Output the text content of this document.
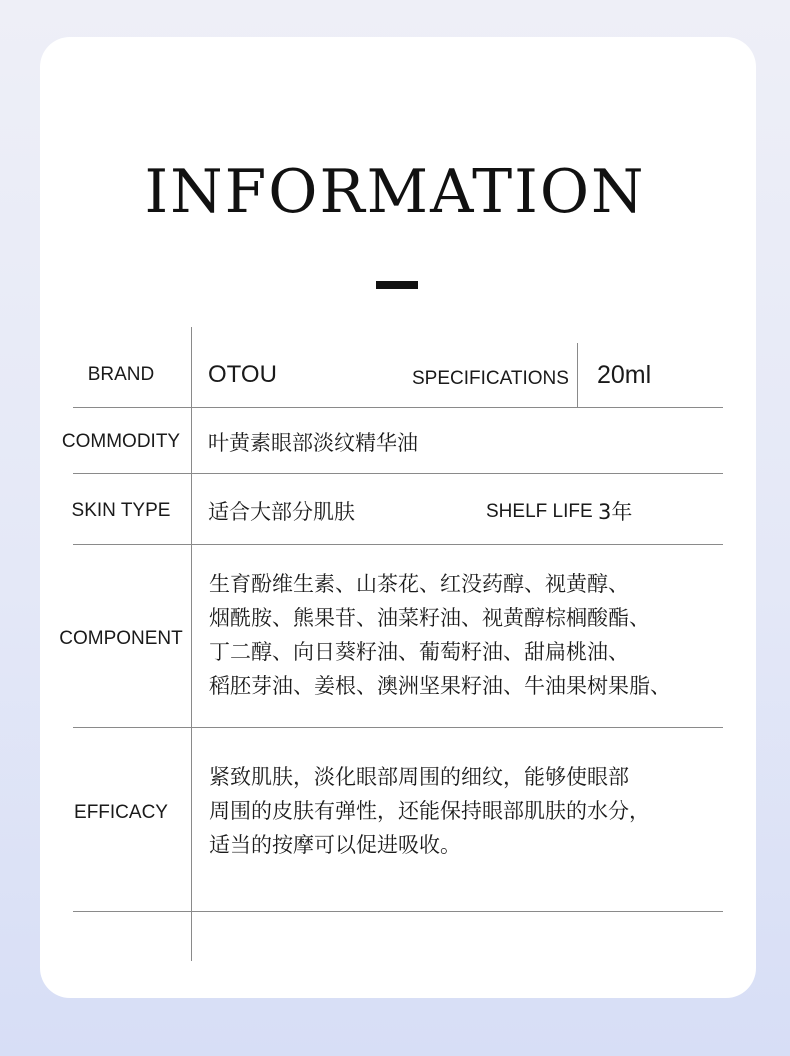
INFORMATION
BRAND	OTOU	SPECIFICATIONS 20ml
COMMODITY 叶黄素眼部淡纹精华油
SKIN TYPE	适合大部分肌肤	SHELF LIFE 3年
COMPONENT
生育酚维生素、山茶花、红没药醇、视黄醇、
烟酰胺、熊果苷、油菜籽油、视黄醇棕榈酸酯、
丁二醇、向日葵籽油、葡萄籽油、甜扁桃油、
稻胚芽油、姜根、澳洲坚果籽油、牛油果树果脂、
EFFICACY
紧致肌肤，淡化眼部周围的细纹，能够使眼部
周围的皮肤有弹性，还能保持眼部肌肤的水分，
适当的按摩可以促进吸收。
